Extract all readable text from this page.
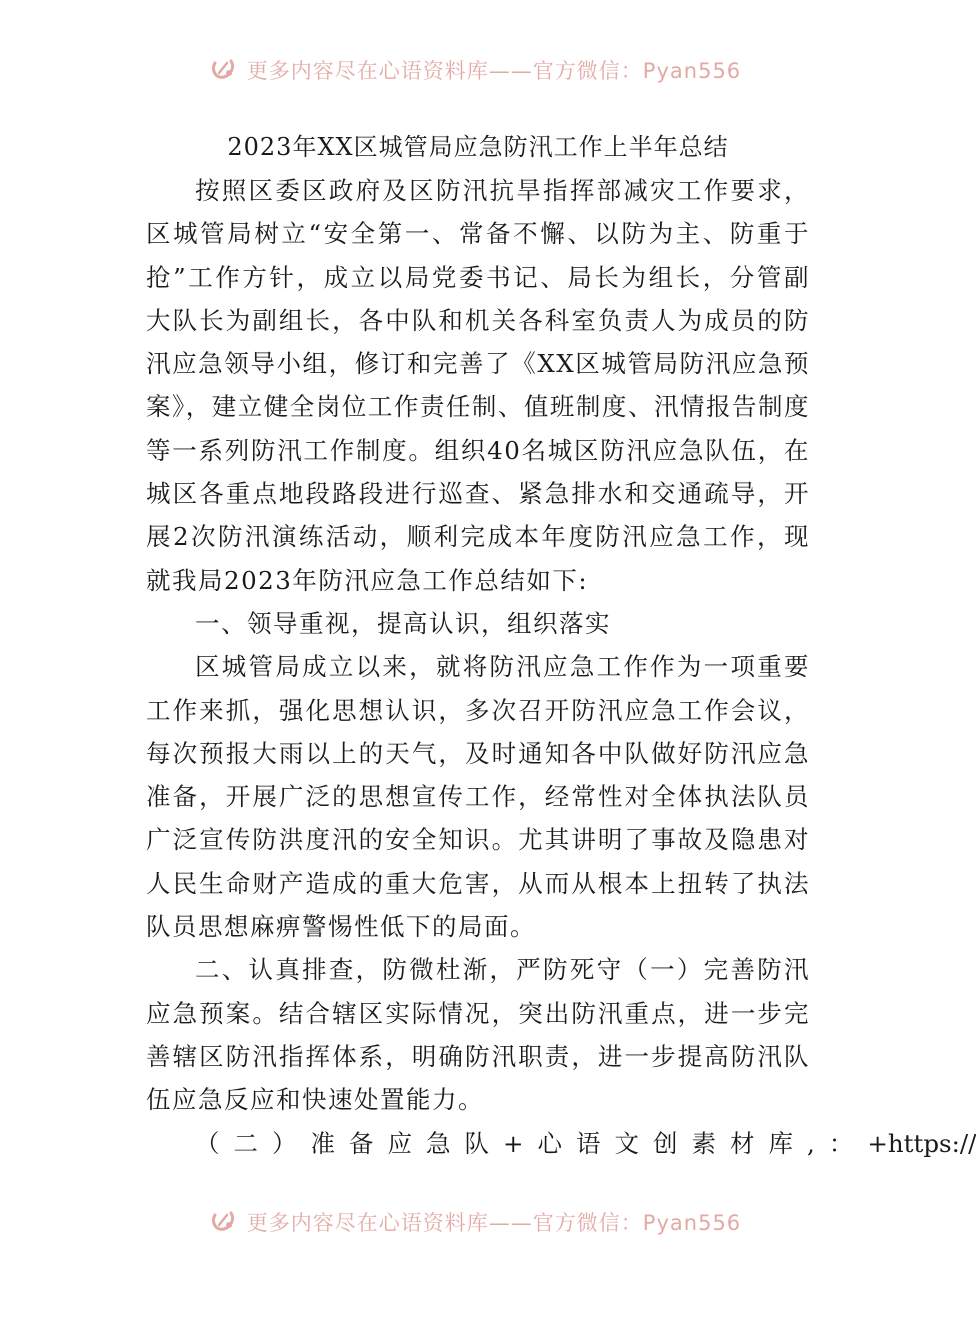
更多内容尽在心语资料库——官方微信：Pyan556
2023年XX区城管局应急防汛工作上半年总结

按照区委区政府及区防汛抗旱指挥部减灾工作要求，区城管局树立“安全第一、常备不懈、以防为主、防重于抢”工作方针，成立以局党委书记、局长为组长，分管副大队长为副组长，各中队和机关各科室负责人为成员的防汛应急领导小组，修订和完善了《XX区城管局防汛应急预案》，建立健全岗位工作责任制、值班制度、汛情报告制度等一系列防汛工作制度。组织40名城区防汛应急队伍，在城区各重点地段路段进行巡查、紧急排水和交通疏导，开展2次防汛演练活动，顺利完成本年度防汛应急工作，现就我局2023年防汛应急工作总结如下:

一、领导重视，提高认识，组织落实

区城管局成立以来，就将防汛应急工作作为一项重要工作来抓，强化思想认识，多次召开防汛应急工作会议，每次预报大雨以上的天气，及时通知各中队做好防汛应急准备，开展广泛的思想宣传工作，经常性对全体执法队员广泛宣传防洪度汛的安全知识。尤其讲明了事故及隐患对人民生命财产造成的重大危害，从而从根本上扭转了执法队员思想麻痹警惕性低下的局面。

二、认真排查，防微杜渐，严防死守（一）完善防汛应急预案。结合辖区实际情况，突出防汛重点，进一步完善辖区防汛指挥体系，明确防汛职责，进一步提高防汛队伍应急反应和快速处置能力。

（二）准备应急队+心语文创素材库,：+https://

更多内容尽在心语资料库——官方微信：Pyan556
